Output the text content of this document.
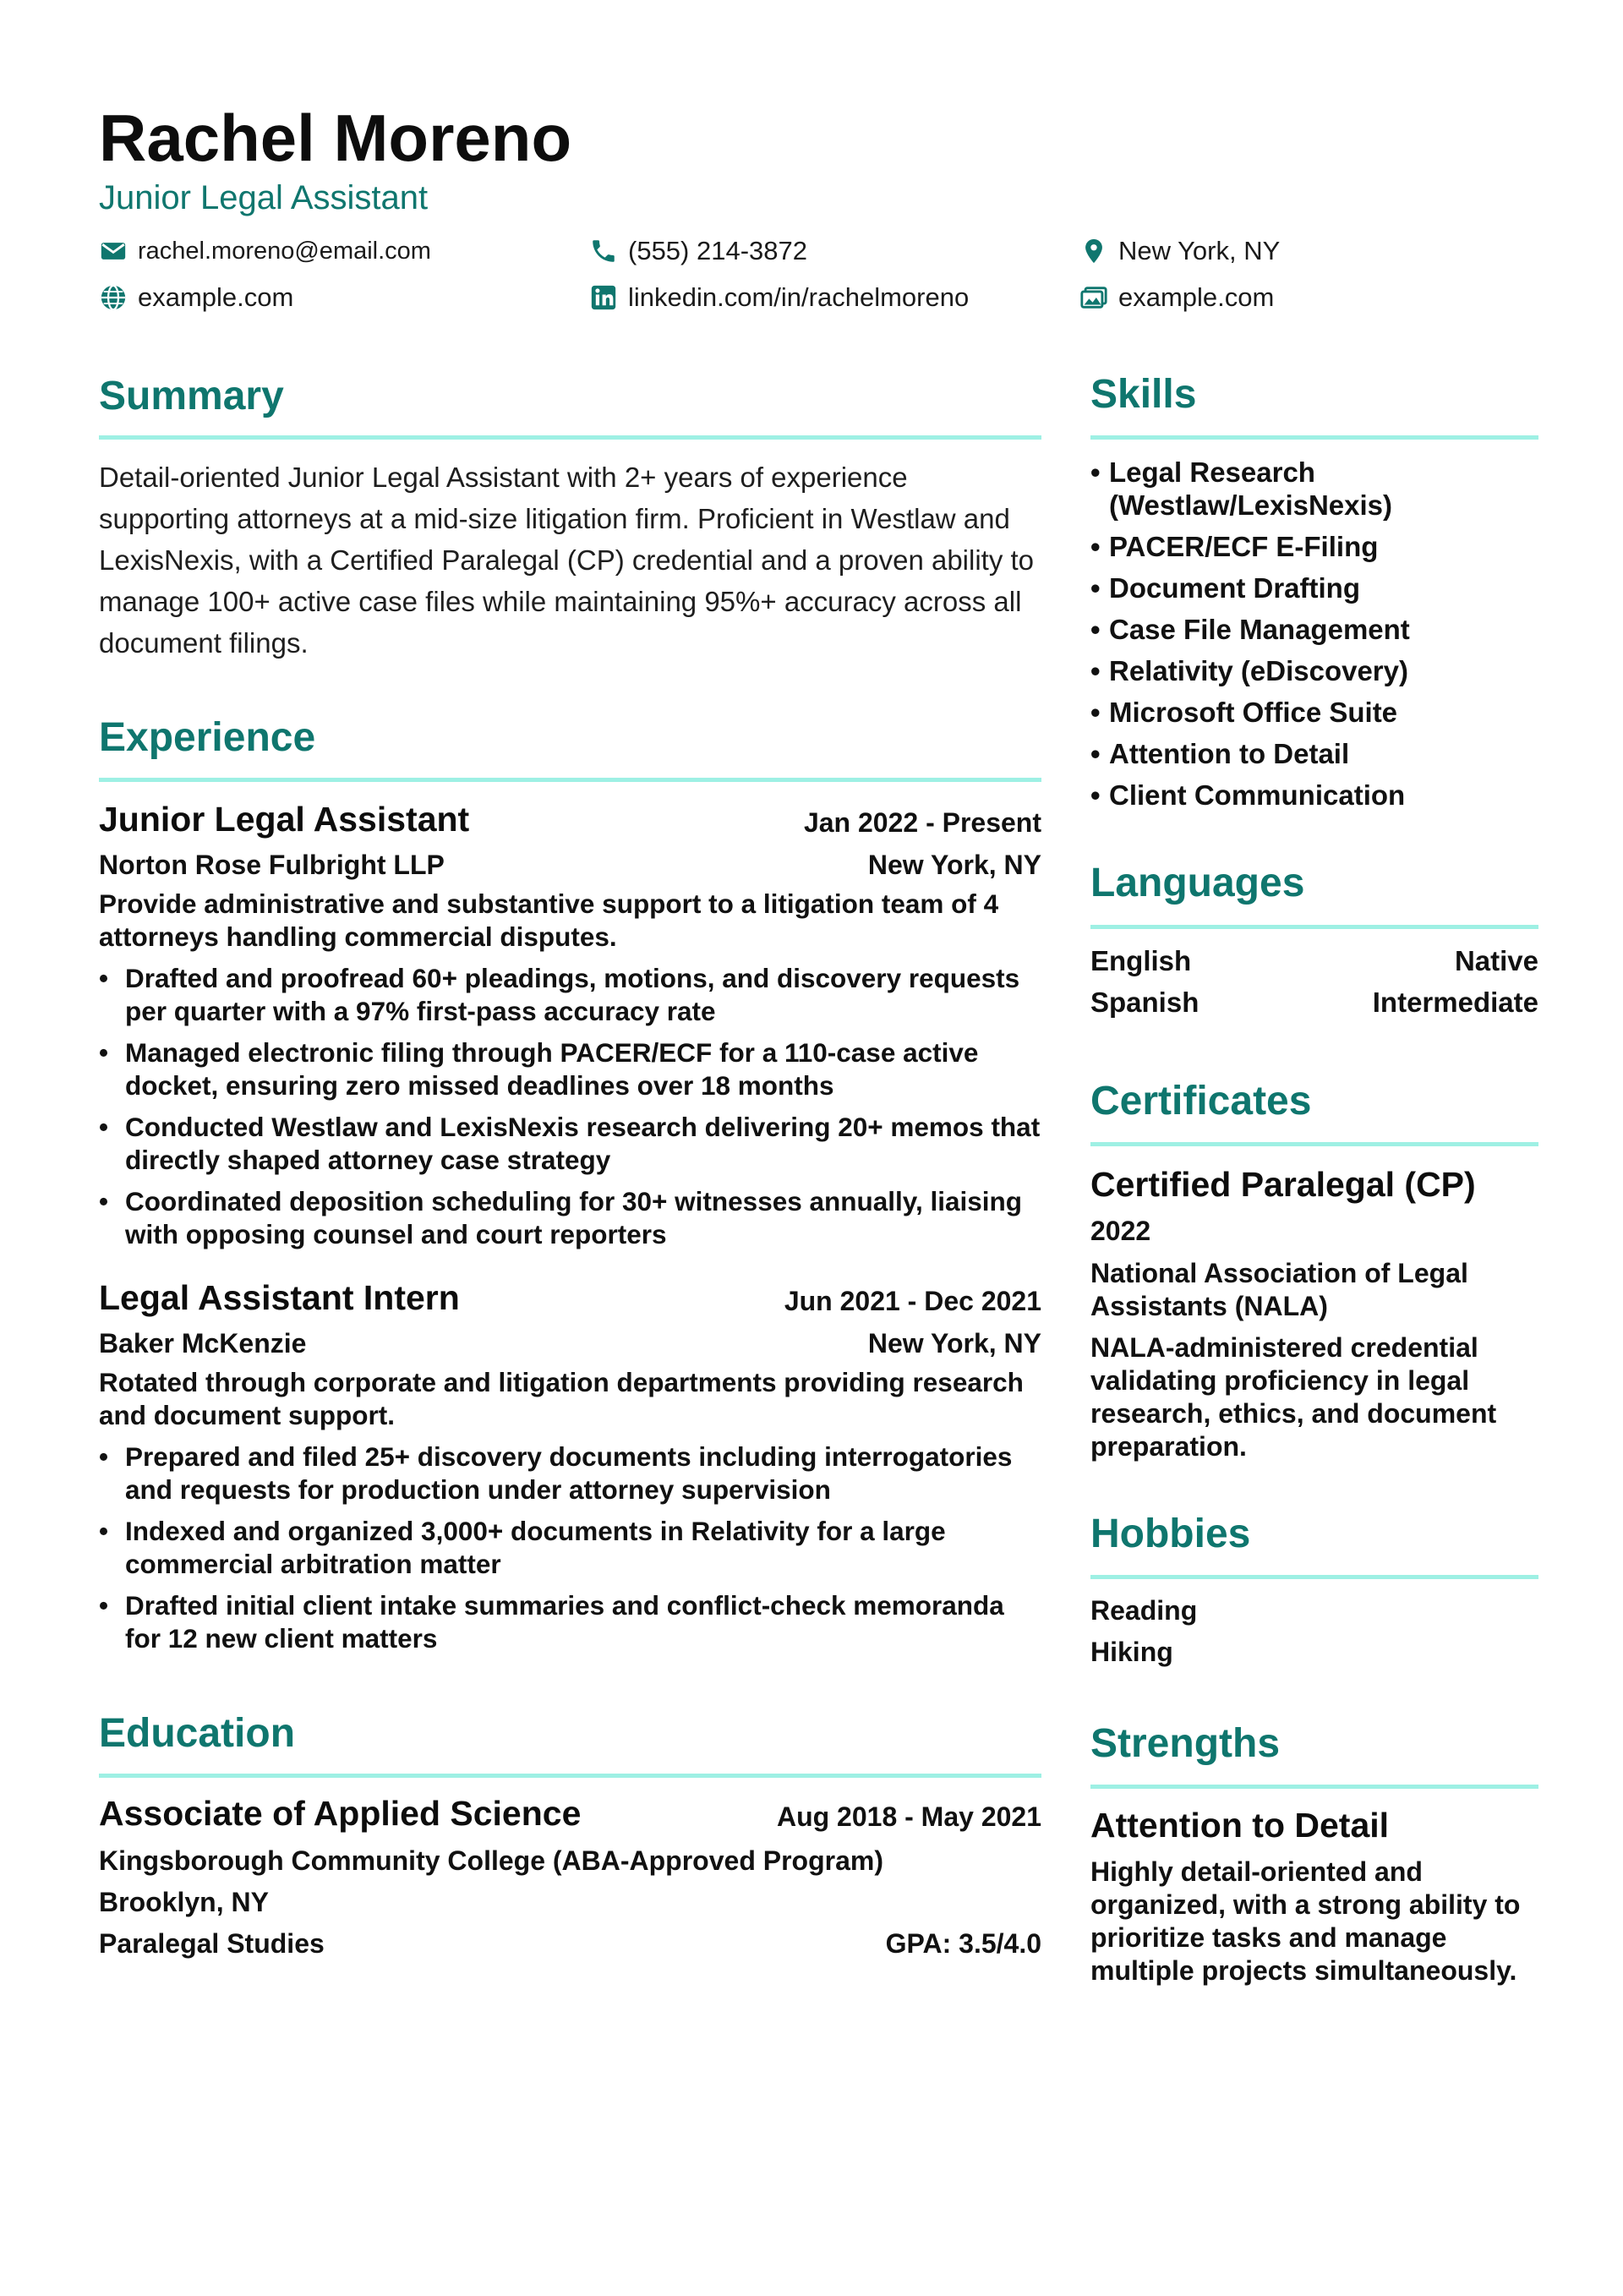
Rachel Moreno
Junior Legal Assistant
rachel.moreno@email.com	(555) 214-3872	New York, NY
example.com	linkedin.com/in/rachelmoreno	example.com
Summary
Detail-oriented Junior Legal Assistant with 2+ years of experience supporting attorneys at a mid-size litigation firm. Proficient in Westlaw and LexisNexis, with a Certified Paralegal (CP) credential and a proven ability to manage 100+ active case files while maintaining 95%+ accuracy across all document filings.
Experience
Junior Legal Assistant	Jan 2022 - Present
Norton Rose Fulbright LLP	New York, NY
Provide administrative and substantive support to a litigation team of 4 attorneys handling commercial disputes.
• Drafted and proofread 60+ pleadings, motions, and discovery requests per quarter with a 97% first-pass accuracy rate
• Managed electronic filing through PACER/ECF for a 110-case active docket, ensuring zero missed deadlines over 18 months
• Conducted Westlaw and LexisNexis research delivering 20+ memos that directly shaped attorney case strategy
• Coordinated deposition scheduling for 30+ witnesses annually, liaising with opposing counsel and court reporters
Legal Assistant Intern	Jun 2021 - Dec 2021
Baker McKenzie	New York, NY
Rotated through corporate and litigation departments providing research and document support.
• Prepared and filed 25+ discovery documents including interrogatories and requests for production under attorney supervision
• Indexed and organized 3,000+ documents in Relativity for a large commercial arbitration matter
• Drafted initial client intake summaries and conflict-check memoranda for 12 new client matters
Education
Associate of Applied Science	Aug 2018 - May 2021
Kingsborough Community College (ABA-Approved Program)
Brooklyn, NY
Paralegal Studies	GPA: 3.5/4.0
Skills
• Legal Research (Westlaw/LexisNexis)
• PACER/ECF E-Filing
• Document Drafting
• Case File Management
• Relativity (eDiscovery)
• Microsoft Office Suite
• Attention to Detail
• Client Communication
Languages
English	Native
Spanish	Intermediate
Certificates
Certified Paralegal (CP)
2022
National Association of Legal Assistants (NALA)
NALA-administered credential validating proficiency in legal research, ethics, and document preparation.
Hobbies
Reading
Hiking
Strengths
Attention to Detail
Highly detail-oriented and organized, with a strong ability to prioritize tasks and manage multiple projects simultaneously.
